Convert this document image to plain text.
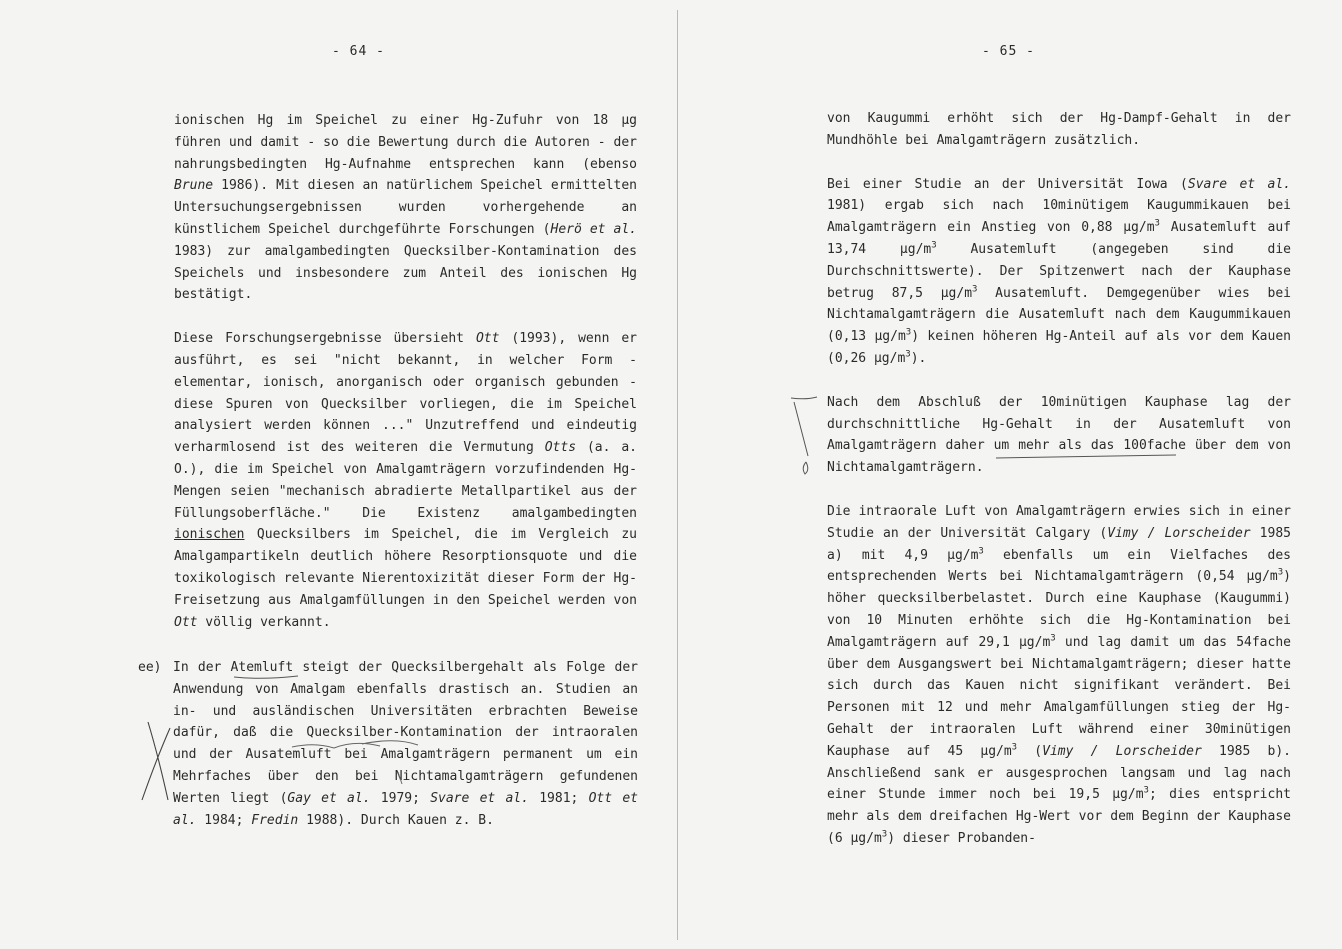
- 64 -

ionischen Hg im Speichel zu einer Hg-Zufuhr von 18 µg führen und damit - so die Bewertung durch die Autoren - der nahrungsbedingten Hg-Aufnahme entsprechen kann (ebenso Brune 1986). Mit diesen an natürlichem Speichel ermittelten Untersuchungsergebnissen wurden vorhergehende an künstlichem Speichel durchgeführte Forschungen (Herö et al. 1983) zur amalgambedingten Quecksilber-Kontamination des Speichels und insbesondere zum Anteil des ionischen Hg bestätigt.

Diese Forschungsergebnisse übersieht Ott (1993), wenn er ausführt, es sei "nicht bekannt, in welcher Form - elementar, ionisch, anorganisch oder organisch gebunden - diese Spuren von Quecksilber vorliegen, die im Speichel analysiert werden können ..." Unzutreffend und eindeutig verharmlosend ist des weiteren die Vermutung Otts (a. a. O.), die im Speichel von Amalgamträgern vorzufindenden Hg-Mengen seien "mechanisch abradierte Metallpartikel aus der Füllungsoberfläche." Die Existenz amalgambedingten ionischen Quecksilbers im Speichel, die im Vergleich zu Amalgampartikeln deutlich höhere Resorptionsquote und die toxikologisch relevante Nierentoxizität dieser Form der Hg-Freisetzung aus Amalgamfüllungen in den Speichel werden von Ott völlig verkannt.

ee) In der Atemluft steigt der Quecksilbergehalt als Folge der Anwendung von Amalgam ebenfalls drastisch an. Studien an in- und ausländischen Universitäten erbrachten Beweise dafür, daß die Quecksilber-Kontamination der intraoralen und der Ausatemluft bei Amalgamträgern permanent um ein Mehrfaches über den bei Nichtamalgamträgern gefundenen Werten liegt (Gay et al. 1979; Svare et al. 1981; Ott et al. 1984; Fredin 1988). Durch Kauen z. B.
- 65 -

von Kaugummi erhöht sich der Hg-Dampf-Gehalt in der Mundhöhle bei Amalgamträgern zusätzlich.

Bei einer Studie an der Universität Iowa (Svare et al. 1981) ergab sich nach 10minütigem Kaugummikauen bei Amalgamträgern ein Anstieg von 0,88 $\mu g/m^3$ Ausatemluft auf 13,74 $\mu g/m^3$ Ausatemluft (angegeben sind die Durchschnittswerte). Der Spitzenwert nach der Kauphase betrug 87,5 $\mu g/m^3$ Ausatemluft. Demgegenüber wies bei Nichtamalgamträgern die Ausatemluft nach dem Kaugummikauen (0,13 $\mu g/m^3$) keinen höheren Hg-Anteil auf als vor dem Kauen (0,26 $\mu g/m^3$).

Nach dem Abschluß der 10minütigen Kauphase lag der durchschnittliche Hg-Gehalt in der Ausatemluft von Amalgamträgern daher um mehr als das 100fache über dem von Nichtamalgamträgern.

Die intraorale Luft von Amalgamträgern erwies sich in einer Studie an der Universität Calgary (Vimy / Lorscheider 1985 a) mit 4,9 $\mu g/m^3$ ebenfalls um ein Vielfaches des entsprechenden Werts bei Nichtamalgamträgern (0,54 $\mu g/m^3$) höher quecksilberbelastet. Durch eine Kauphase (Kaugummi) von 10 Minuten erhöhte sich die Hg-Kontamination bei Amalgamträgern auf 29,1 $\mu g/m^3$ und lag damit um das 54fache über dem Ausgangswert bei Nichtamalgamträgern; dieser hatte sich durch das Kauen nicht signifikant verändert. Bei Personen mit 12 und mehr Amalgamfüllungen stieg der Hg-Gehalt der intraoralen Luft während einer 30minütigen Kauphase auf 45 $\mu g/m^3$ (Vimy / Lorscheider 1985 b). Anschließend sank er ausgesprochen langsam und lag nach einer Stunde immer noch bei 19,5 $\mu g/m^3$; dies entspricht mehr als dem dreifachen Hg-Wert vor dem Beginn der Kauphase (6 $\mu g/m^3$) dieser Probanden-
